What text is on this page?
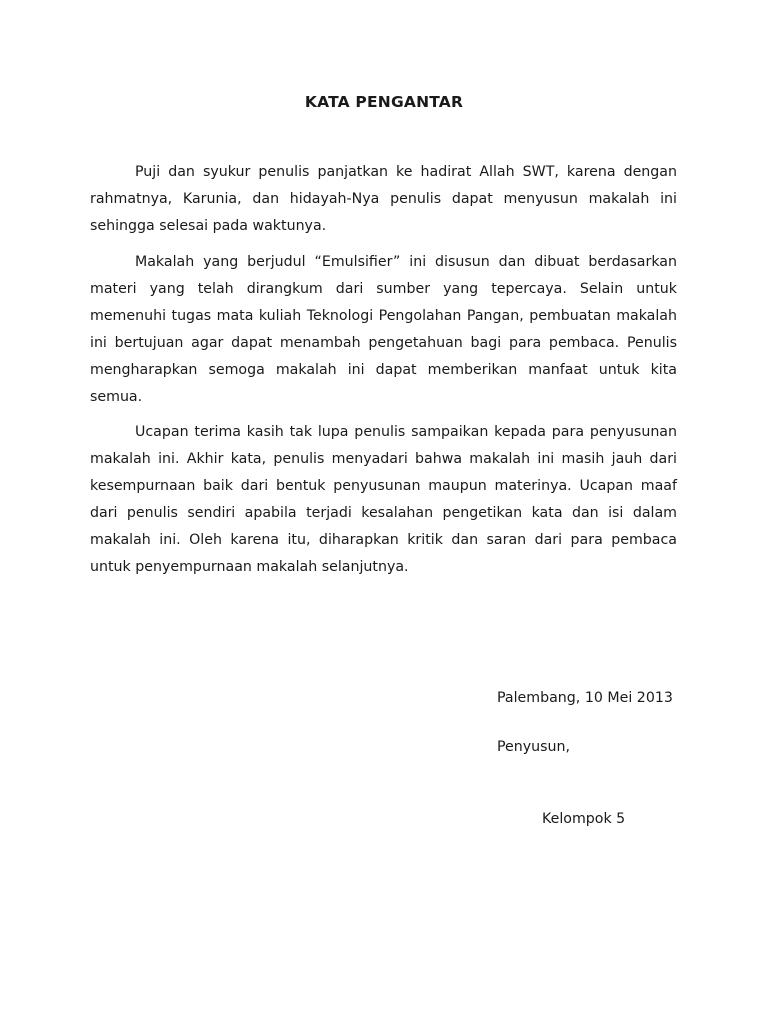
KATA PENGANTAR

Puji dan syukur penulis panjatkan ke hadirat Allah SWT, karena dengan rahmatnya, Karunia, dan hidayah-Nya penulis dapat menyusun makalah ini sehingga selesai pada waktunya.

Makalah yang berjudul “Emulsifier” ini disusun dan dibuat berdasarkan materi yang telah dirangkum dari sumber yang tepercaya. Selain untuk memenuhi tugas mata kuliah Teknologi Pengolahan Pangan, pembuatan makalah ini bertujuan agar dapat menambah pengetahuan bagi para pembaca. Penulis mengharapkan semoga makalah ini dapat memberikan manfaat untuk kita semua.

Ucapan terima kasih tak lupa penulis sampaikan kepada para penyusunan makalah ini. Akhir kata, penulis menyadari bahwa makalah ini masih jauh dari kesempurnaan baik dari bentuk penyusunan maupun materinya. Ucapan maaf dari penulis sendiri apabila terjadi kesalahan pengetikan kata dan isi dalam makalah ini. Oleh karena itu, diharapkan kritik dan saran dari para pembaca untuk penyempurnaan makalah selanjutnya.

Palembang, 10 Mei 2013

Penyusun,

Kelompok 5
